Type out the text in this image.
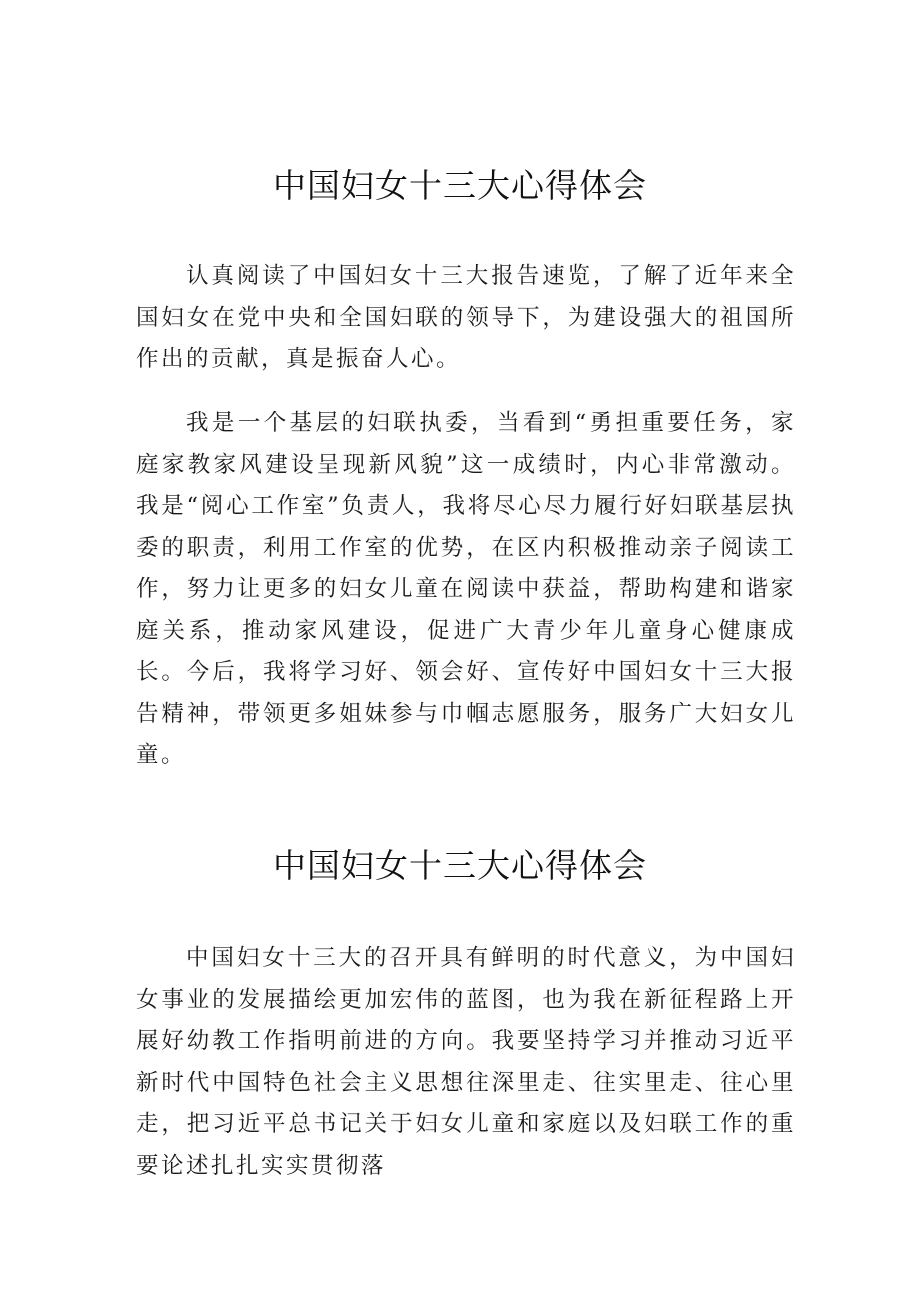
中国妇女十三大心得体会

认真阅读了中国妇女十三大报告速览，了解了近年来全国妇女在党中央和全国妇联的领导下，为建设强大的祖国所作出的贡献，真是振奋人心。

我是一个基层的妇联执委，当看到“勇担重要任务，家庭家教家风建设呈现新风貌”这一成绩时，内心非常激动。我是“阅心工作室”负责人，我将尽心尽力履行好妇联基层执委的职责，利用工作室的优势，在区内积极推动亲子阅读工作，努力让更多的妇女儿童在阅读中获益，帮助构建和谐家庭关系，推动家风建设，促进广大青少年儿童身心健康成长。今后，我将学习好、领会好、宣传好中国妇女十三大报告精神，带领更多姐妹参与巾帼志愿服务，服务广大妇女儿童。

中国妇女十三大心得体会

中国妇女十三大的召开具有鲜明的时代意义，为中国妇女事业的发展描绘更加宏伟的蓝图，也为我在新征程路上开展好幼教工作指明前进的方向。我要坚持学习并推动习近平新时代中国特色社会主义思想往深里走、往实里走、往心里走，把习近平总书记关于妇女儿童和家庭以及妇联工作的重要论述扎扎实实贯彻落
